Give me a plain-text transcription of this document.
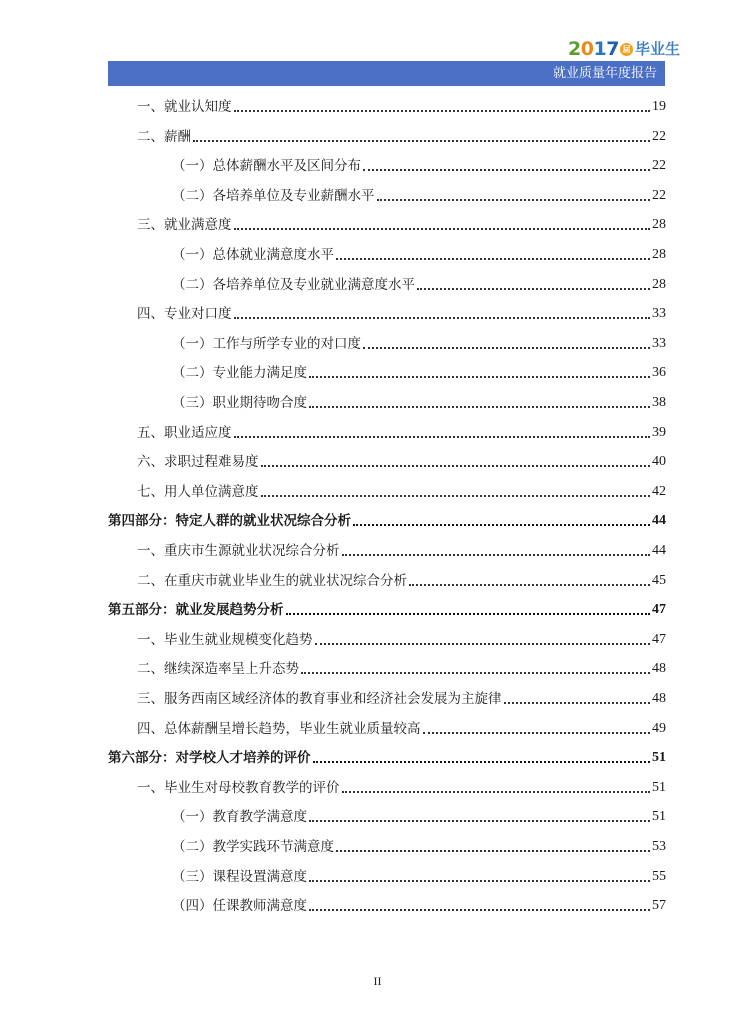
2017 届 毕业生
就业质量年度报告
一、就业认知度	19
二、薪酬	22
（一）总体薪酬水平及区间分布	22
（二）各培养单位及专业薪酬水平	22
三、就业满意度	28
（一）总体就业满意度水平	28
（二）各培养单位及专业就业满意度水平	28
四、专业对口度	33
（一）工作与所学专业的对口度	33
（二）专业能力满足度	36
（三）职业期待吻合度	38
五、职业适应度	39
六、求职过程难易度	40
七、用人单位满意度	42
第四部分：特定人群的就业状况综合分析	44
一、重庆市生源就业状况综合分析	44
二、在重庆市就业毕业生的就业状况综合分析	45
第五部分：就业发展趋势分析	47
一、毕业生就业规模变化趋势	47
二、继续深造率呈上升态势	48
三、服务西南区域经济体的教育事业和经济社会发展为主旋律	48
四、总体薪酬呈增长趋势，毕业生就业质量较高	49
第六部分：对学校人才培养的评价	51
一、毕业生对母校教育教学的评价	51
（一）教育教学满意度	51
（二）教学实践环节满意度	53
（三）课程设置满意度	55
（四）任课教师满意度	57
II
